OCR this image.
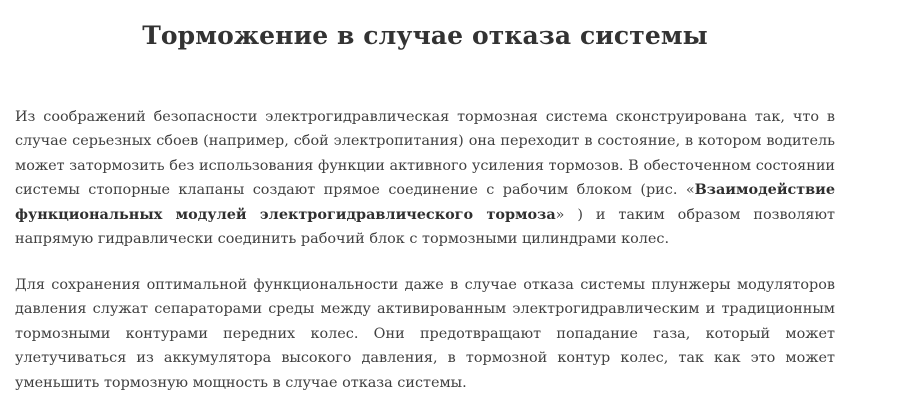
Торможение в случае отказа системы

Из соображений безопасности электрогидравлическая тормозная система сконструирована так, что в случае серьезных сбоев (например, сбой электропитания) она переходит в состояние, в котором водитель может затормозить без использования функции активного усиления тормозов. В обесточенном состоянии системы стопорные клапаны создают прямое соединение с рабочим блоком (рис. «Взаимодействие функциональных модулей электрогидравлического тормоза» ) и таким образом позволяют напрямую гидравлически соединить рабочий блок с тормозными цилиндрами колес.

Для сохранения оптимальной функциональности даже в случае отказа системы плунжеры модуляторов давления служат сепараторами среды между активированным электрогидравлическим и традиционным тормозными контурами передних колес. Они предотвращают попадание газа, который может улетучиваться из аккумулятора высокого давления, в тормозной контур колес, так как это может уменьшить тормозную мощность в случае отказа системы.
